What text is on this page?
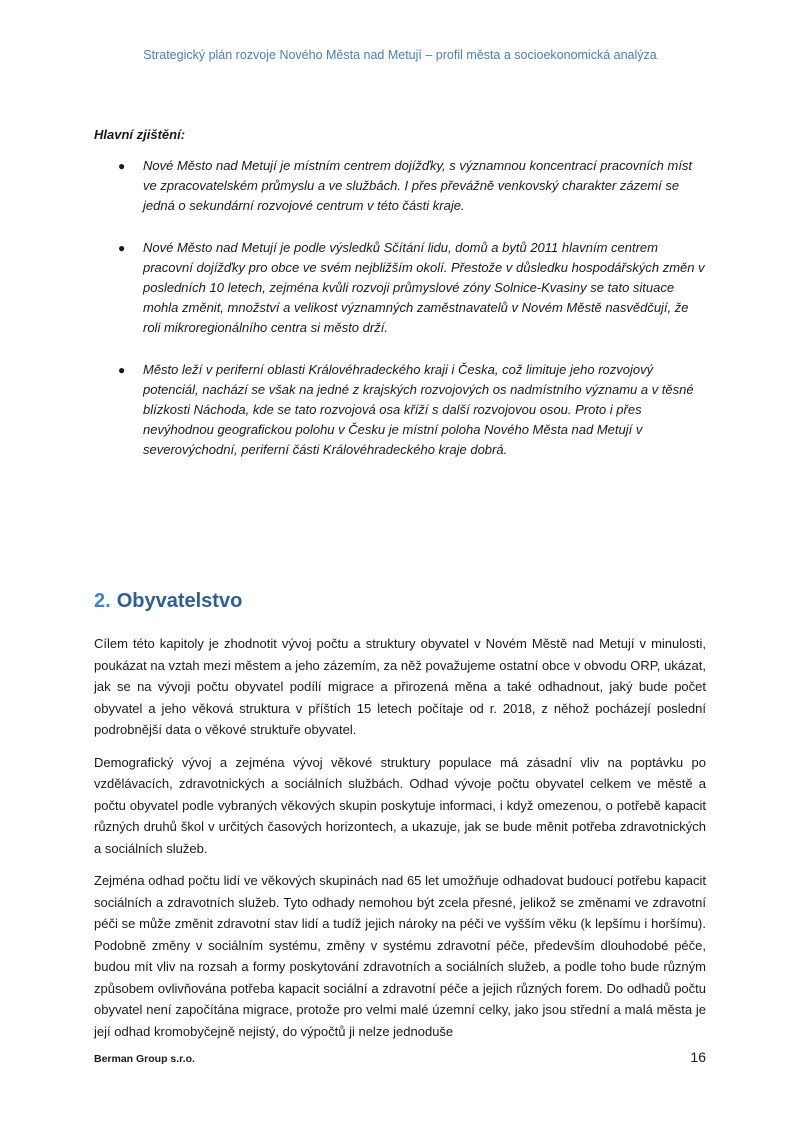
Strategický plán rozvoje Nového Města nad Metují – profil města a socioekonomická analýza
Hlavní zjištění:
● Nové Město nad Metují je místním centrem dojížďky, s významnou koncentrací pracovních míst ve zpracovatelském průmyslu a ve službách. I přes převážně venkovský charakter zázemí se jedná o sekundární rozvojové centrum v této části kraje.
● Nové Město nad Metují je podle výsledků Sčítání lidu, domů a bytů 2011 hlavním centrem pracovní dojížďky pro obce ve svém nejbližším okolí. Přestože v důsledku hospodářských změn v posledních 10 letech, zejména kvůli rozvoji průmyslové zóny Solnice-Kvasiny se tato situace mohla změnit, množství a velikost významných zaměstnavatelů v Novém Městě nasvědčují, že roli mikroregionálního centra si město drží.
● Město leží v periferní oblasti Královéhradeckého kraji i Česka, což limituje jeho rozvojový potenciál, nachází se však na jedné z krajských rozvojových os nadmístního významu a v těsné blízkosti Náchoda, kde se tato rozvojová osa kříží s další rozvojovou osou. Proto i přes nevýhodnou geografickou polohu v Česku je místní poloha Nového Města nad Metují v severovýchodní, periferní části Královéhradeckého kraje dobrá.
2. Obyvatelstvo

Cílem této kapitoly je zhodnotit vývoj počtu a struktury obyvatel v Novém Městě nad Metují v minulosti, poukázat na vztah mezi městem a jeho zázemím, za něž považujeme ostatní obce v obvodu ORP, ukázat, jak se na vývoji počtu obyvatel podílí migrace a přirozená měna a také odhadnout, jaký bude počet obyvatel a jeho věková struktura v příštích 15 letech počítaje od r. 2018, z něhož pocházejí poslední podrobnější data o věkové struktuře obyvatel.

Demografický vývoj a zejména vývoj věkové struktury populace má zásadní vliv na poptávku po vzdělávacích, zdravotnických a sociálních službách. Odhad vývoje počtu obyvatel celkem ve městě a počtu obyvatel podle vybraných věkových skupin poskytuje informaci, i když omezenou, o potřebě kapacit různých druhů škol v určitých časových horizontech, a ukazuje, jak se bude měnit potřeba zdravotnických a sociálních služeb.

Zejména odhad počtu lidí ve věkových skupinách nad 65 let umožňuje odhadovat budoucí potřebu kapacit sociálních a zdravotních služeb. Tyto odhady nemohou být zcela přesné, jelikož se změnami ve zdravotní péči se může změnit zdravotní stav lidí a tudíž jejich nároky na péči ve vyšším věku (k lepšímu i horšímu). Podobně změny v sociálním systému, změny v systému zdravotní péče, především dlouhodobé péče, budou mít vliv na rozsah a formy poskytování zdravotních a sociálních služeb, a podle toho bude různým způsobem ovlivňována potřeba kapacit sociální a zdravotní péče a jejich různých forem. Do odhadů počtu obyvatel není započítána migrace, protože pro velmi malé územní celky, jako jsou střední a malá města je její odhad kromobyčejně nejistý, do výpočtů ji nelze jednoduše

Berman Group s.r.o.	16
